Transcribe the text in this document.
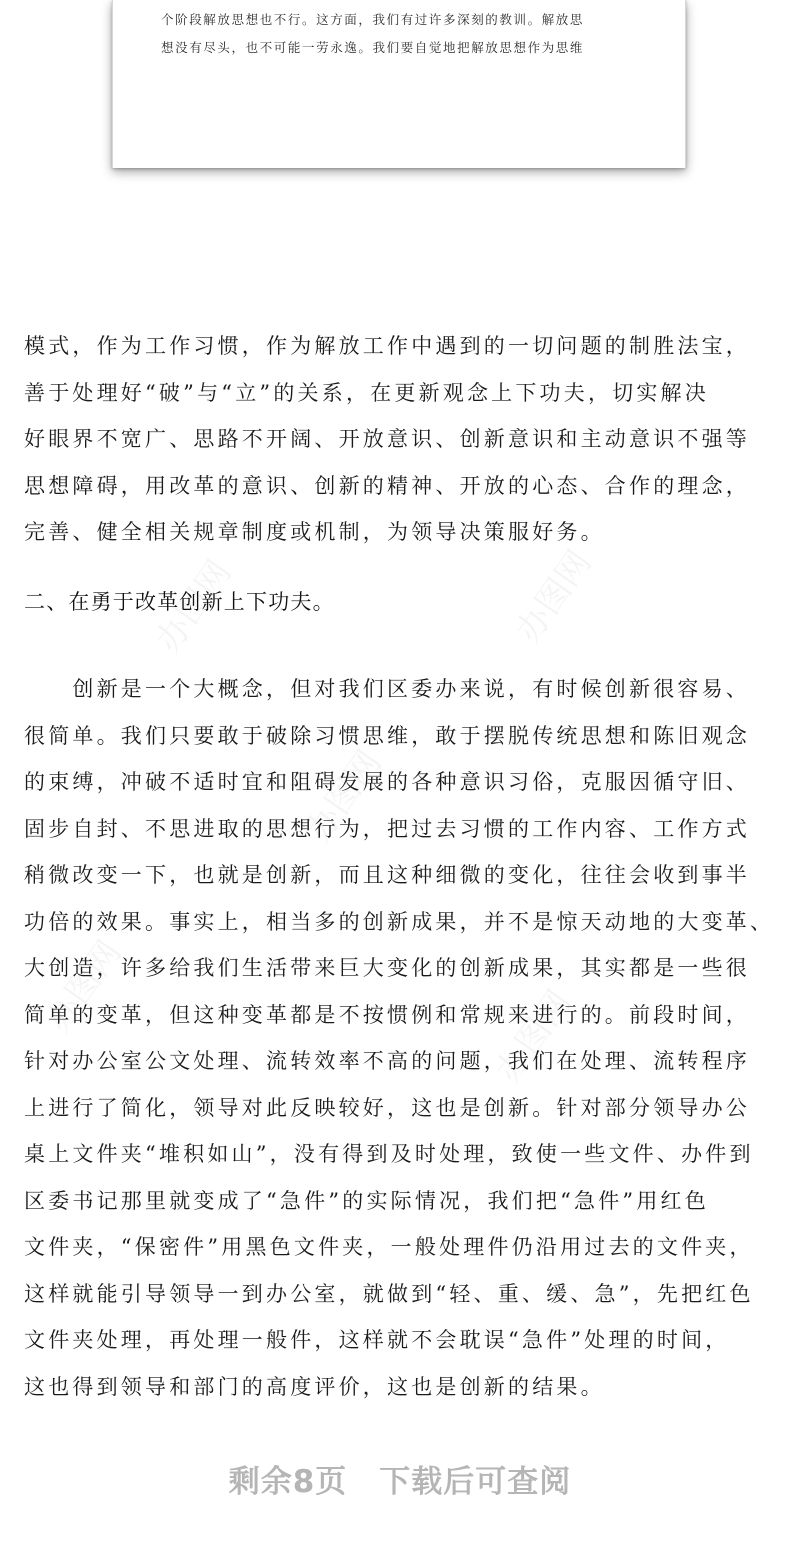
个阶段解放思想也不行。这方面，我们有过许多深刻的教训。解放思
想没有尽头，也不可能一劳永逸。我们要自觉地把解放思想作为思维
办图网	办图网
办图网
办图网	办图网
模式，作为工作习惯，作为解放工作中遇到的一切问题的制胜法宝，
善于处理好“破”与“立”的关系，在更新观念上下功夫，切实解决
好眼界不宽广、思路不开阔、开放意识、创新意识和主动意识不强等
思想障碍，用改革的意识、创新的精神、开放的心态、合作的理念，
完善、健全相关规章制度或机制，为领导决策服好务。
二、在勇于改革创新上下功夫。
　　创新是一个大概念，但对我们区委办来说，有时候创新很容易、
很简单。我们只要敢于破除习惯思维，敢于摆脱传统思想和陈旧观念
的束缚，冲破不适时宜和阻碍发展的各种意识习俗，克服因循守旧、
固步自封、不思进取的思想行为，把过去习惯的工作内容、工作方式
稍微改变一下，也就是创新，而且这种细微的变化，往往会收到事半
功倍的效果。事实上，相当多的创新成果，并不是惊天动地的大变革、
大创造，许多给我们生活带来巨大变化的创新成果，其实都是一些很
简单的变革，但这种变革都是不按惯例和常规来进行的。前段时间，
针对办公室公文处理、流转效率不高的问题，我们在处理、流转程序
上进行了简化，领导对此反映较好，这也是创新。针对部分领导办公
桌上文件夹“堆积如山”，没有得到及时处理，致使一些文件、办件到
区委书记那里就变成了“急件”的实际情况，我们把“急件”用红色
文件夹，“保密件”用黑色文件夹，一般处理件仍沿用过去的文件夹，
这样就能引导领导一到办公室，就做到“轻、重、缓、急”，先把红色
文件夹处理，再处理一般件，这样就不会耽误“急件”处理的时间，
这也得到领导和部门的高度评价，这也是创新的结果。
剩余8页　下载后可查阅
